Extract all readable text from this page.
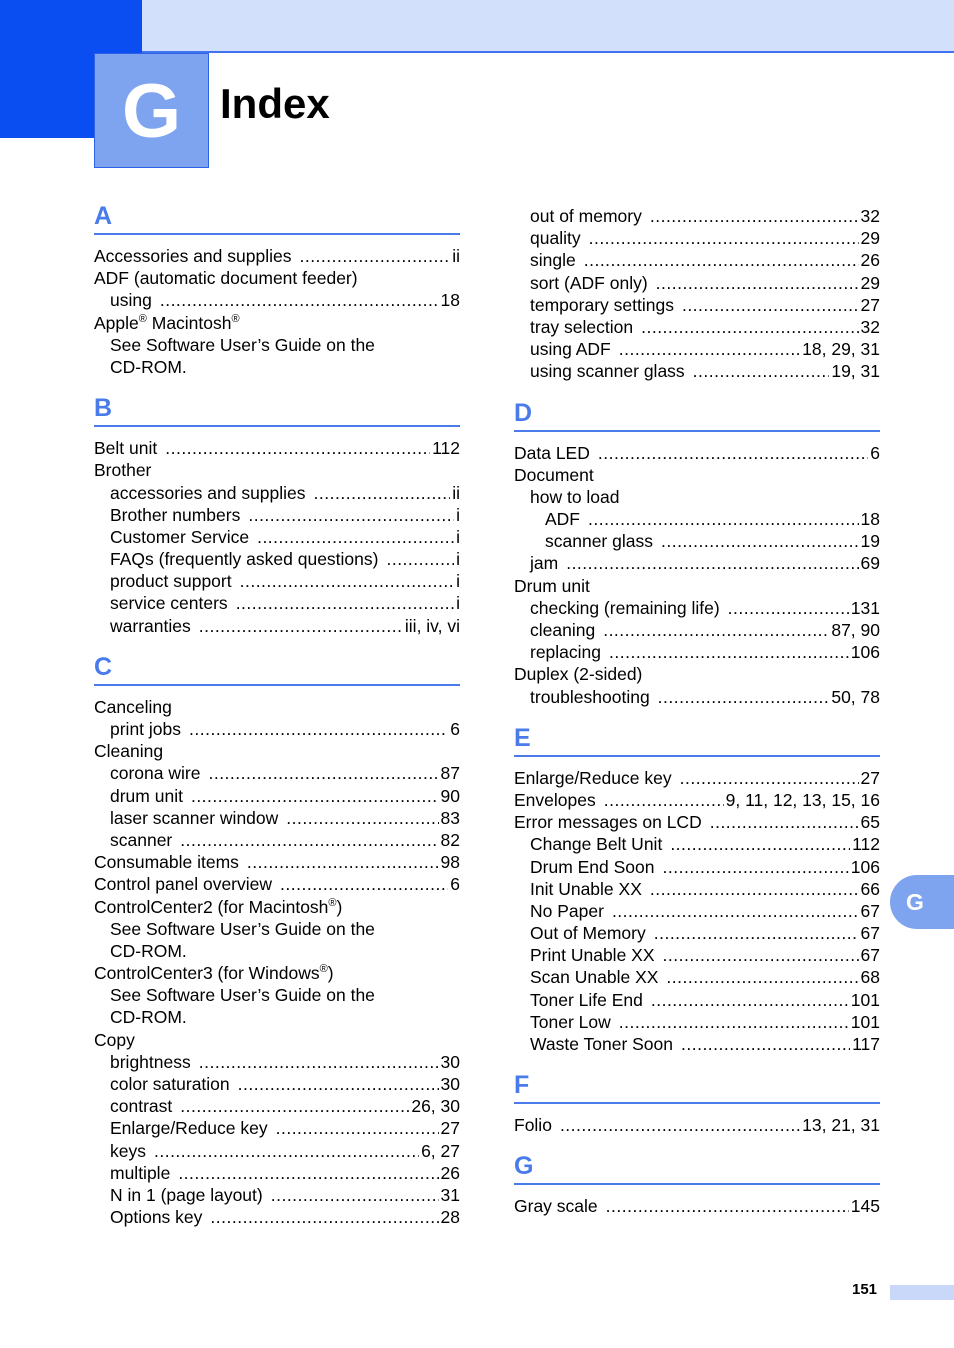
G Index
A
Accessories and supplies .....	ii
ADF (automatic document feeder)
using .....	18
Apple® Macintosh®
See Software User’s Guide on the
CD-ROM.
B
Belt unit .....	112
Brother
accessories and supplies .....	ii
Brother numbers .....	i
Customer Service .....	i
FAQs (frequently asked questions) .....	i
product support .....	i
service centers .....	i
warranties .....	iii, iv, vi
C
Canceling
print jobs .....	6
Cleaning
corona wire .....	87
drum unit .....	90
laser scanner window .....	83
scanner .....	82
Consumable items .....	98
Control panel overview .....	6
ControlCenter2 (for Macintosh®)
See Software User’s Guide on the
CD-ROM.
ControlCenter3 (for Windows®)
See Software User’s Guide on the
CD-ROM.
Copy
brightness .....	30
color saturation .....	30
contrast .....	26, 30
Enlarge/Reduce key .....	27
keys .....	6, 27
multiple .....	26
N in 1 (page layout) .....	31
Options key .....	28
out of memory .....	32
quality .....	29
single .....	26
sort (ADF only) .....	29
temporary settings .....	27
tray selection .....	32
using ADF .....	18, 29, 31
using scanner glass .....	19, 31
D
Data LED .....	6
Document
how to load
ADF .....	18
scanner glass .....	19
jam .....	69
Drum unit
checking (remaining life) .....	131
cleaning .....	87, 90
replacing .....	106
Duplex (2-sided)
troubleshooting .....	50, 78
E
Enlarge/Reduce key .....	27
Envelopes .....	9, 11, 12, 13, 15, 16
Error messages on LCD .....	65
Change Belt Unit .....	112
Drum End Soon .....	106
Init Unable XX .....	66
No Paper .....	67
Out of Memory .....	67
Print Unable XX .....	67
Scan Unable XX .....	68
Toner Life End .....	101
Toner Low .....	101
Waste Toner Soon .....	117
F
Folio .....	13, 21, 31
G
Gray scale .....	145
G
151
